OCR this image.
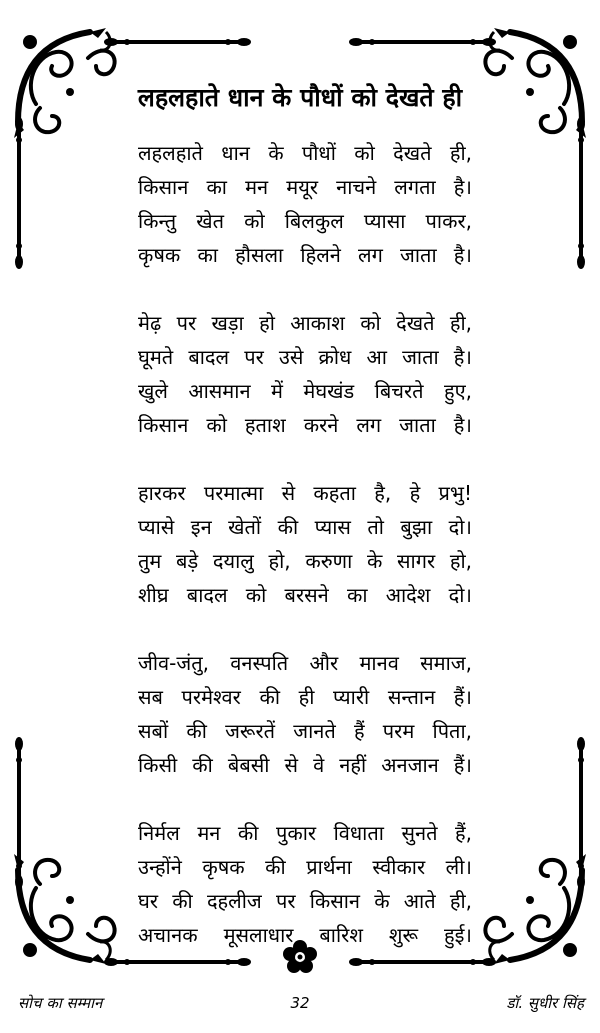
लहलहाते धान के पौधों को देखते ही
लहलहाते धान के पौधों को देखते ही,
किसान का मन मयूर नाचने लगता है।
किन्तु खेत को बिलकुल प्यासा पाकर,
कृषक का हौसला हिलने लग जाता है।
मेढ़ पर खड़ा हो आकाश को देखते ही,
घूमते बादल पर उसे क्रोध आ जाता है।
खुले आसमान में मेघखंड बिचरते हुए,
किसान को हताश करने लग जाता है।
हारकर परमात्मा से कहता है, हे प्रभु!
प्यासे इन खेतों की प्यास तो बुझा दो।
तुम बड़े दयालु हो, करुणा के सागर हो,
शीघ्र बादल को बरसने का आदेश दो।
जीव-जंतु, वनस्पति और मानव समाज,
सब परमेश्वर की ही प्यारी सन्तान हैं।
सबों की जरूरतें जानते हैं परम पिता,
किसी की बेबसी से वे नहीं अनजान हैं।
निर्मल मन की पुकार विधाता सुनते हैं,
उन्होंने कृषक की प्रार्थना स्वीकार ली।
घर की दहलीज पर किसान के आते ही,
अचानक मूसलाधार बारिश शुरू हुई।
सोच का सम्मान	32	डॉ. सुधीर सिंह
